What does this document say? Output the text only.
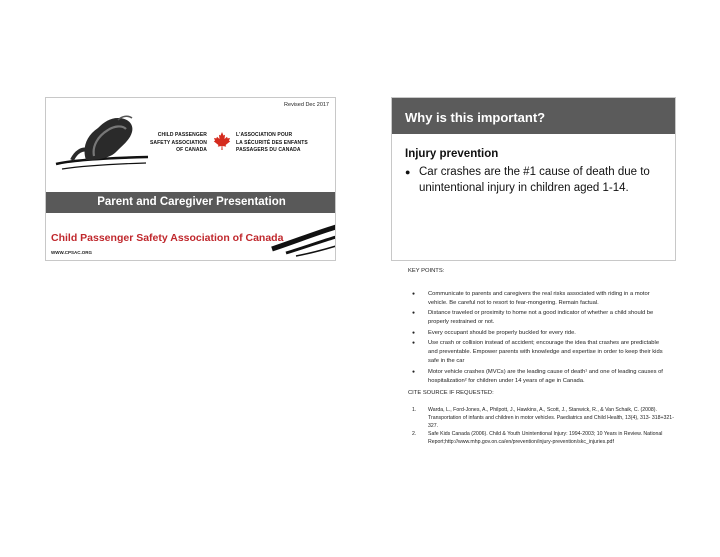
Revised Dec 2017
CHILD PASSENGER
SAFETY ASSOCIATION
OF CANADA
L'ASSOCIATION POUR
LA SÉCURITÉ DES ENFANTS
PASSAGERS DU CANADA
Parent and Caregiver Presentation
Child Passenger Safety Association of Canada
WWW.CPSAC.ORG
Why is this important?
Injury prevention
● Car crashes are the #1 cause of death due to unintentional injury in children aged 1-14.
KEY POINTS:
●	Communicate to parents and caregivers the real risks associated with riding in a motor vehicle. Be careful not to resort to fear-mongering. Remain factual.
●	Distance traveled or proximity to home not a good indicator of whether a child should be properly restrained or not.
●	Every occupant should be properly buckled for every ride.
●	Use crash or collision instead of accident; encourage the idea that crashes are predictable and preventable. Empower parents with knowledge and expertise in order to keep their kids safe in the car
●	Motor vehicle crashes (MVCs) are the leading cause of death¹ and one of leading causes of hospitalization² for children under 14 years of age in Canada.
CITE SOURCE IF REQUESTED:
1.	Warda, L., Ford-Jones, A., Philpott, J., Hawkins, A., Scott, J., Stanwick, R., & Van Schaik, C. (2008). Transportation of infants and children in motor vehicles. Paediatrics and Child Health, 13(4), 313- 318+321-327.
2.	Safe Kids Canada (2006). Child & Youth Unintentional Injury: 1994-2003; 10 Years in Review. National Report;http://www.mhp.gov.on.ca/en/prevention/injury-prevention/skc_injuries.pdf
